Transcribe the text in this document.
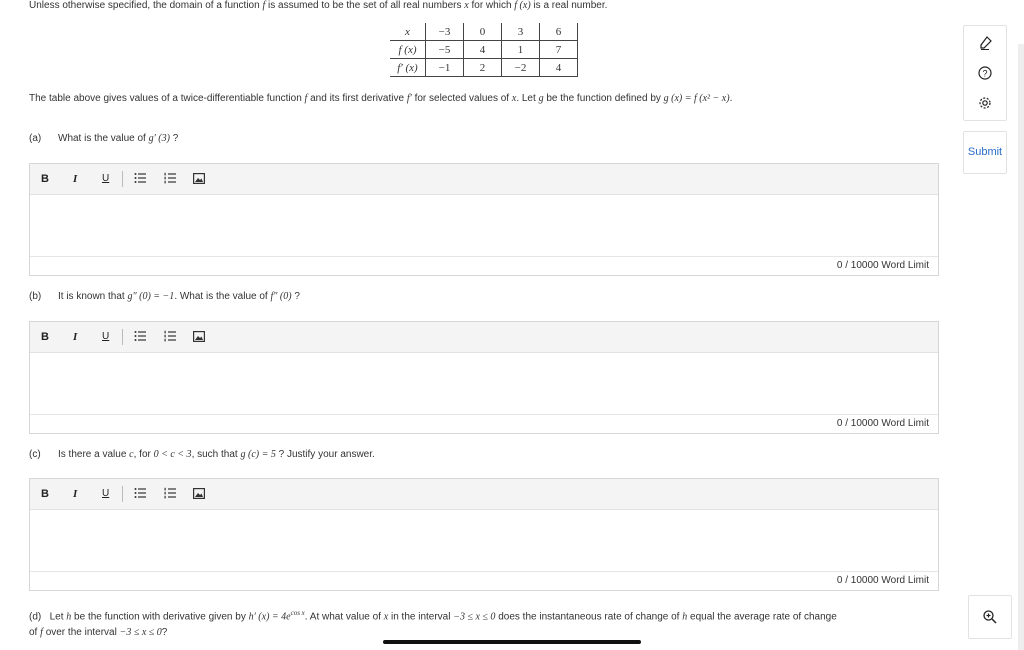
Unless otherwise specified, the domain of a function f is assumed to be the set of all real numbers x for which f (x) is a real number.
x	−3	0	3	6
f (x)	−5	4	1	7
f′ (x)	−1	2	−2	4
The table above gives values of a twice-differentiable function f and its first derivative f′ for selected values of x. Let g be the function defined by g (x) = f (x² − x).
(a) What is the value of g′ (3) ?
B I U
0 / 10000 Word Limit
(b) It is known that g″ (0) = −1. What is the value of f″ (0) ?
B I U
0 / 10000 Word Limit
(c) Is there a value c, for 0 < c < 3, such that g (c) = 5 ? Justify your answer.
B I U
0 / 10000 Word Limit
(d) Let h be the function with derivative given by h′ $(x) = 4e^{cos x}$. At what value of x in the interval −3 ≤ x ≤ 0 does the instantaneous rate of change of h equal the average rate of change
of f over the interval −3 ≤ x ≤ 0?
?
Submit
